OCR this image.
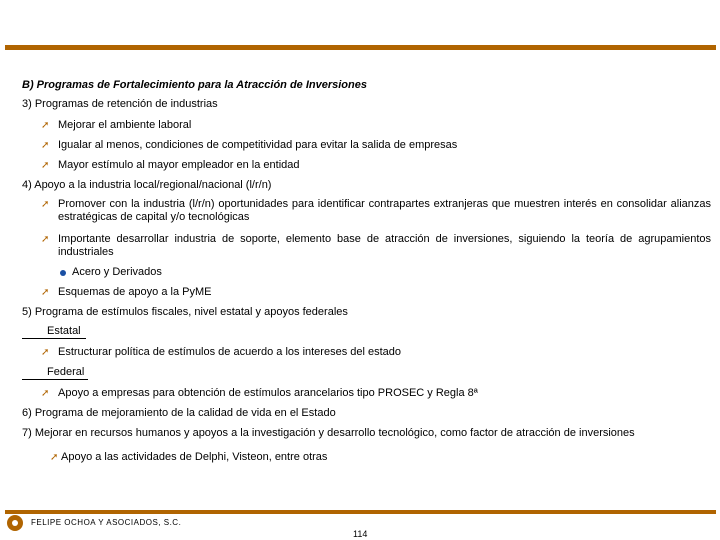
B) Programas de Fortalecimiento para la Atracción de Inversiones
3) Programas de retención de industrias
➚ Mejorar el ambiente laboral
➚ Igualar al menos, condiciones de competitividad para evitar la salida de empresas
➚ Mayor estímulo al mayor empleador en la entidad
4) Apoyo a la industria local/regional/nacional (l/r/n)
➚ Promover con la industria (l/r/n) oportunidades para identificar contrapartes extranjeras que muestren interés en consolidar alianzas estratégicas de capital y/o tecnológicas
➚ Importante desarrollar industria de soporte, elemento base de atracción de inversiones, siguiendo la teoría de agrupamientos industriales
Acero y Derivados
➚ Esquemas de apoyo a la PyME
5) Programa de estímulos fiscales, nivel estatal y apoyos federales
Estatal
➚ Estructurar política de estímulos de acuerdo a los intereses del estado
Federal
➚ Apoyo a empresas para obtención de estímulos arancelarios tipo PROSEC y Regla 8ª
6) Programa de mejoramiento de la calidad de vida en el Estado
7) Mejorar en recursos humanos y apoyos a la investigación y desarrollo tecnológico, como factor de atracción de inversiones
➚ Apoyo a las actividades de Delphi, Visteon, entre otras
FELIPE OCHOA Y ASOCIADOS, S.C.
114
